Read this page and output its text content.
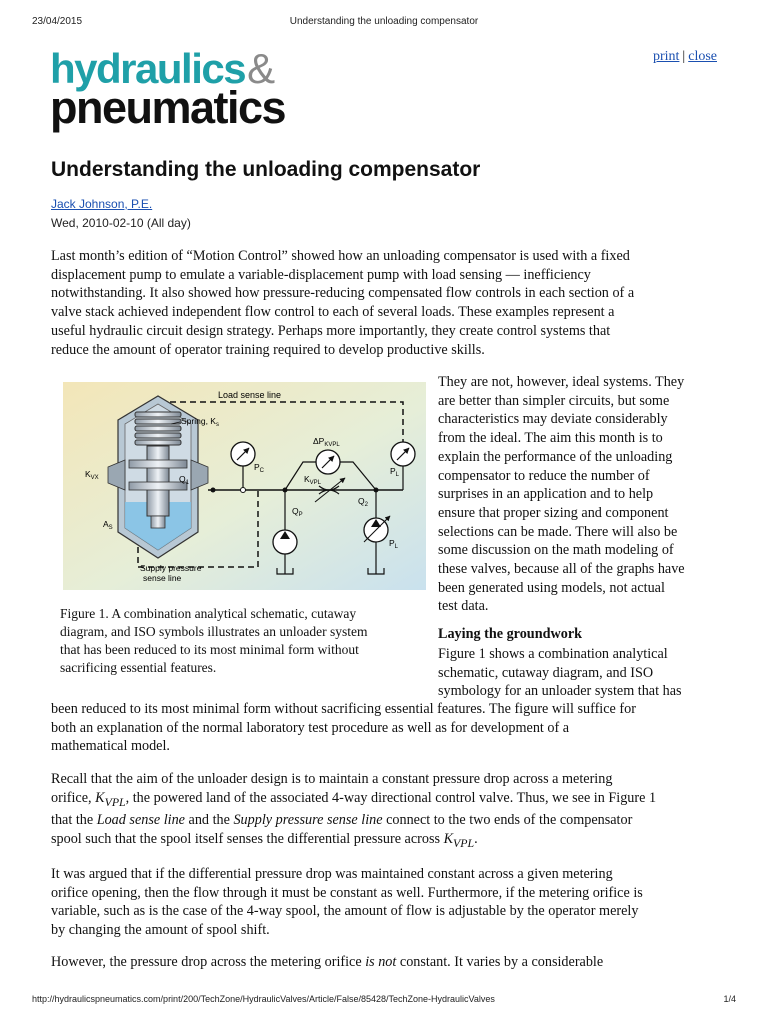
23/04/2015	Understanding the unloading compensator
hydraulics&
pneumatics
print | close
Understanding the unloading compensator
Jack Johnson, P.E.
Wed, 2010-02-10 (All day)

Last month’s edition of “Motion Control” showed how an unloading compensator is used with a fixed
displacement pump to emulate a variable-displacement pump with load sensing — inefficiency
notwithstanding. It also showed how pressure-reducing compensated flow controls in each section of a
valve stack achieved independent flow control to each of several loads. These examples represent a
useful hydraulic circuit design strategy. Perhaps more importantly, they create control systems that
reduce the amount of operator training required to develop productive skills.

Load sense line
Spring, $K_s$
$K_{VX}$
$A_S$
Supply pressure
sense line
$Q_1$
$P_C$
$\Delta P_{KVPL}$
$K_{VPL}$
$P_L$
$Q_P$
$Q_2$
$P_L$

Figure 1. A combination analytical schematic, cutaway
diagram, and ISO symbols illustrates an unloader system
that has been reduced to its most minimal form without
sacrificing essential features.

They are not, however, ideal systems. They
are better than simpler circuits, but some
characteristics may deviate considerably
from the ideal. The aim this month is to
explain the performance of the unloading
compensator to reduce the number of
surprises in an application and to help
ensure that proper sizing and component
selections can be made. There will also be
some discussion on the math modeling of
these valves, because all of the graphs have
been generated using models, not actual
test data.

Laying the groundwork

Figure 1 shows a combination analytical
schematic, cutaway diagram, and ISO
symbology for an unloader system that has

been reduced to its most minimal form without sacrificing essential features. The figure will suffice for
both an explanation of the normal laboratory test procedure as well as for development of a
mathematical model.

Recall that the aim of the unloader design is to maintain a constant pressure drop across a metering
orifice, $K_{VPL}$, the powered land of the associated 4-way directional control valve. Thus, we see in Figure 1
that the Load sense line and the Supply pressure sense line connect to the two ends of the compensator
spool such that the spool itself senses the differential pressure across $K_{VPL}$.

It was argued that if the differential pressure drop was maintained constant across a given metering
orifice opening, then the flow through it must be constant as well. Furthermore, if the metering orifice is
variable, such as is the case of the 4-way spool, the amount of flow is adjustable by the operator merely
by changing the amount of spool shift.

However, the pressure drop across the metering orifice is not constant. It varies by a considerable

http://hydraulicspneumatics.com/print/200/TechZone/HydraulicValves/Article/False/85428/TechZone-HydraulicValves	1/4
